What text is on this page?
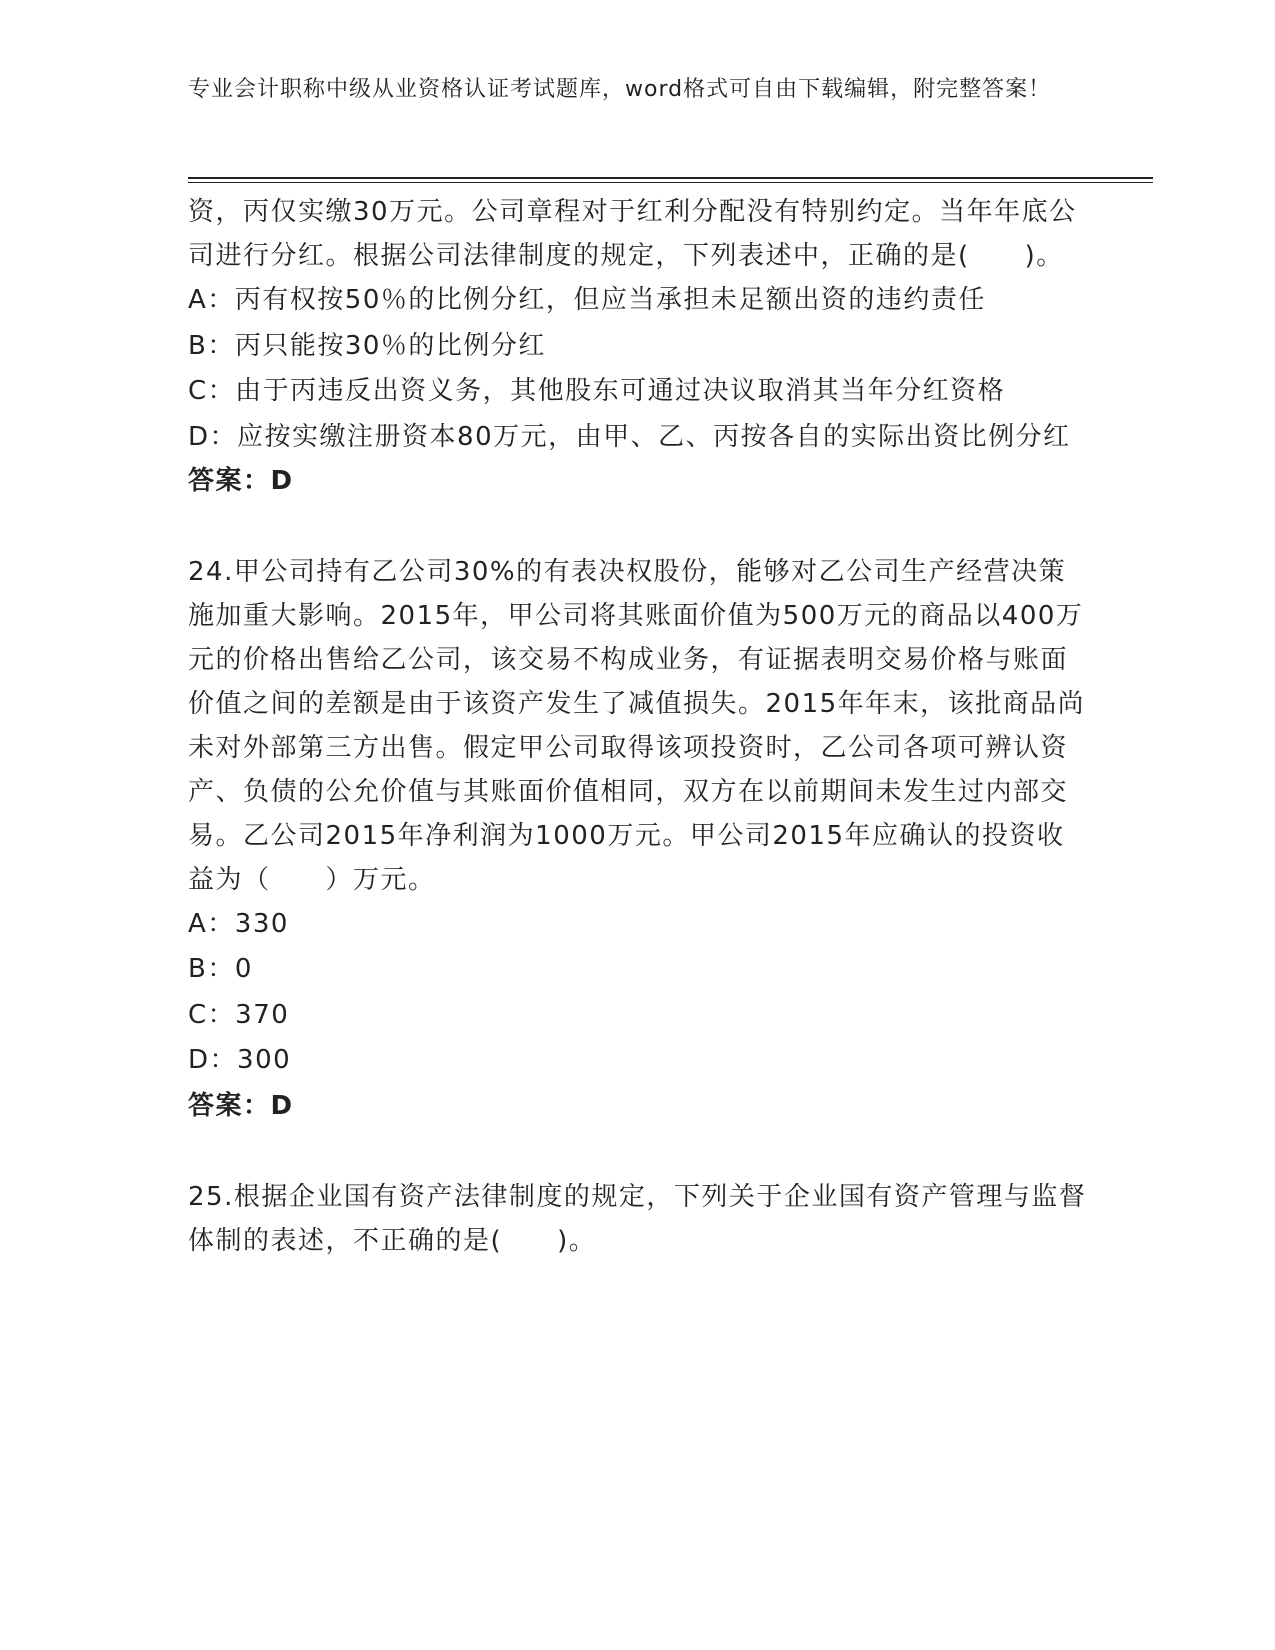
专业会计职称中级从业资格认证考试题库，word格式可自由下载编辑，附完整答案！

资，丙仅实缴30万元。公司章程对于红利分配没有特别约定。当年年底公司进行分红。根据公司法律制度的规定，下列表述中，正确的是(　　)。

A：丙有权按50％的比例分红，但应当承担未足额出资的违约责任

B：丙只能按30％的比例分红

C：由于丙违反出资义务，其他股东可通过决议取消其当年分红资格

D：应按实缴注册资本80万元，由甲、乙、丙按各自的实际出资比例分红

答案：D

24.甲公司持有乙公司30%的有表决权股份，能够对乙公司生产经营决策施加重大影响。2015年，甲公司将其账面价值为500万元的商品以400万元的价格出售给乙公司，该交易不构成业务，有证据表明交易价格与账面价值之间的差额是由于该资产发生了减值损失。2015年年末，该批商品尚未对外部第三方出售。假定甲公司取得该项投资时，乙公司各项可辨认资产、负债的公允价值与其账面价值相同，双方在以前期间未发生过内部交易。乙公司2015年净利润为1000万元。甲公司2015年应确认的投资收益为（　　）万元。

A：330

B：0

C：370

D：300

答案：D

25.根据企业国有资产法律制度的规定，下列关于企业国有资产管理与监督体制的表述，不正确的是(　　)。
